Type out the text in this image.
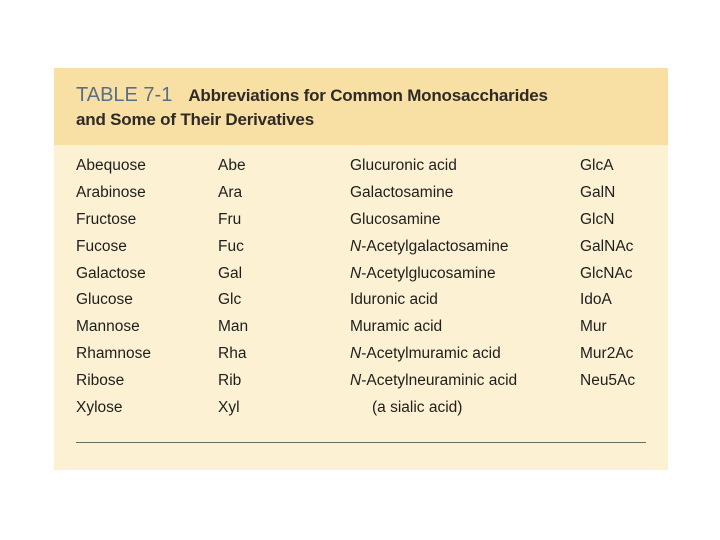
TABLE 7-1 Abbreviations for Common Monosaccharides
and Some of Their Derivatives
Abequose	Abe	Glucuronic acid	GlcA
Arabinose	Ara	Galactosamine	GalN
Fructose	Fru	Glucosamine	GlcN
Fucose	Fuc	N-Acetylgalactosamine	GalNAc
Galactose	Gal	N-Acetylglucosamine	GlcNAc
Glucose	Glc	Iduronic acid	IdoA
Mannose	Man	Muramic acid	Mur
Rhamnose	Rha	N-Acetylmuramic acid	Mur2Ac
Ribose	Rib	N-Acetylneuraminic acid	Neu5Ac
Xylose	Xyl	(a sialic acid)
